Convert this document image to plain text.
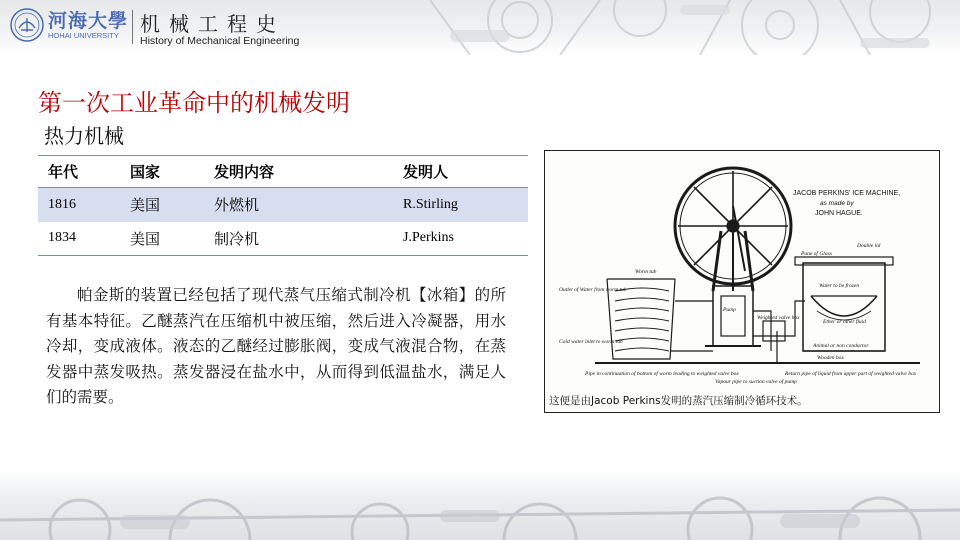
河海大學
HOHAI UNIVERSITY 机械工程史
History of Mechanical Engineering
第一次工业革命中的机械发明
热力机械
年代	国家	发明内容	发明人
1816	美国	外燃机	R.Stirling
1834	美国	制冷机	J.Perkins
帕金斯的装置已经包括了现代蒸气压缩式制冷机【冰箱】的所有基本特征。乙醚蒸汽在压缩机中被压缩，然后进入冷凝器，用水冷却，变成液体。液态的乙醚经过膨胀阀，变成气液混合物，在蒸发器中蒸发吸热。蒸发器浸在盐水中，从而得到低温盐水，满足人们的需要。
JACOB PERKINS' ICE MACHINE,
as made by
JOHN HAGUE.
Worm tub
Outlet of Water from worm tub
Cold water inlet to worm tub
Pump
Weighted valve box
Pane of Glass
Double lid
Water to be frozen
Ether or other fluid
Animal or non conductor
Wooden box
Pipe in continuation of bottom of worm leading to weighted valve box
Vapour pipe to suction valve of pump
Return pipe of liquid from upper part of weighted valve box
这便是由Jacob Perkins发明的蒸汽压缩制冷循环技术。
